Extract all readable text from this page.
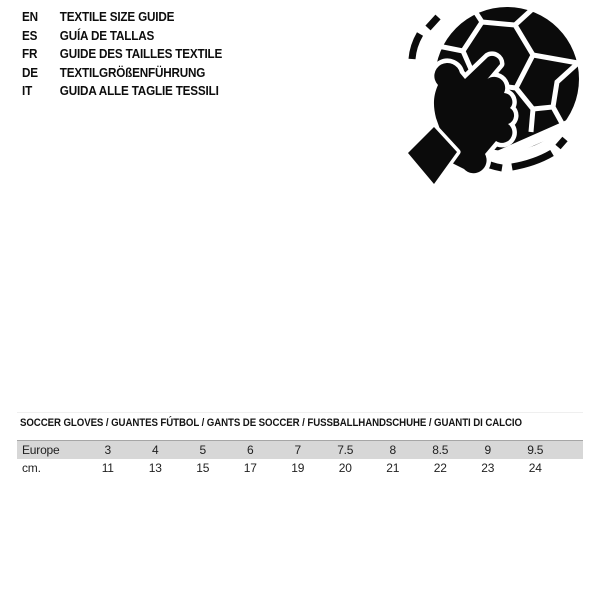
EN	TEXTILE SIZE GUIDE
ES	GUÍA DE TALLAS
FR	GUIDE DES TAILLES TEXTILE
DE	TEXTILGRÖßENFÜHRUNG
IT	GUIDA ALLE TAGLIE TESSILI
SOCCER GLOVES / GUANTES FÚTBOL / GANTS DE SOCCER / FUSSBALLHANDSCHUHE / GUANTI DI CALCIO
Europe	3	4	5	6	7	7.5	8	8.5	9	9.5	
cm.	11	13	15	17	19	20	21	22	23	24	
